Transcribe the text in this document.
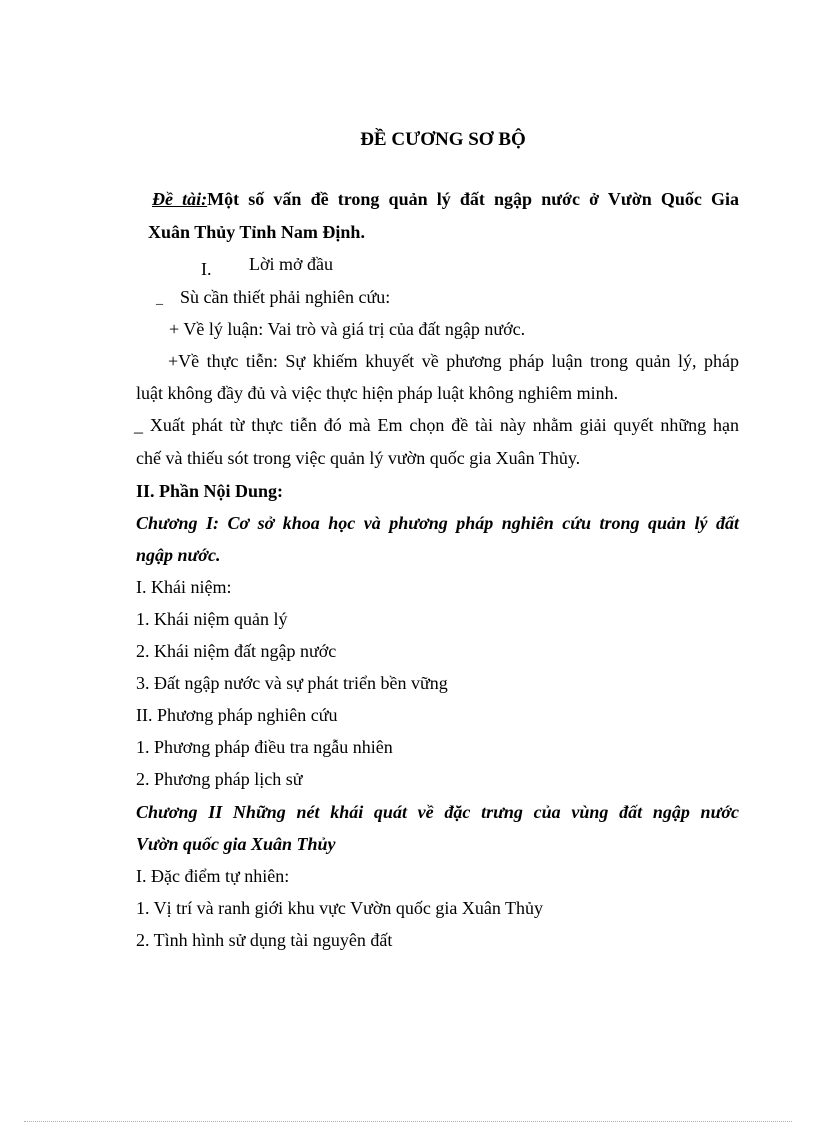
ĐỀ CƯƠNG SƠ BỘ
Đề tài:Một số vấn đề trong quản lý đất ngập nước ở Vườn Quốc Gia
Xuân Thủy Tỉnh Nam Định.
I. Lời mở đầu
_ Sù cần thiết phải nghiên cứu:
+ Về lý luận: Vai trò và giá trị của đất ngập nước.
+Về thực tiễn: Sự khiếm khuyết về phương pháp luận trong quản lý, pháp
luật không đầy đủ và việc thực hiện pháp luật không nghiêm minh.
_ Xuất phát từ thực tiễn đó mà Em chọn đề tài này nhằm giải quyết những hạn
chế và thiếu sót trong việc quản lý vườn quốc gia Xuân Thủy.
II. Phần Nội Dung:
Chương I: Cơ sở khoa học và phương pháp nghiên cứu trong quản lý đất
ngập nước.
I. Khái niệm:
1. Khái niệm quản lý
2. Khái niệm đất ngập nước
3. Đất ngập nước và sự phát triển bền vững
II. Phương pháp nghiên cứu
1. Phương pháp điều tra ngẫu nhiên
2. Phương pháp lịch sử
Chương II Những nét khái quát về đặc trưng của vùng đất ngập nước
Vườn quốc gia Xuân Thủy
I. Đặc điểm tự nhiên:
1. Vị trí và ranh giới khu vực Vườn quốc gia Xuân Thủy
2. Tình hình sử dụng tài nguyên đất
